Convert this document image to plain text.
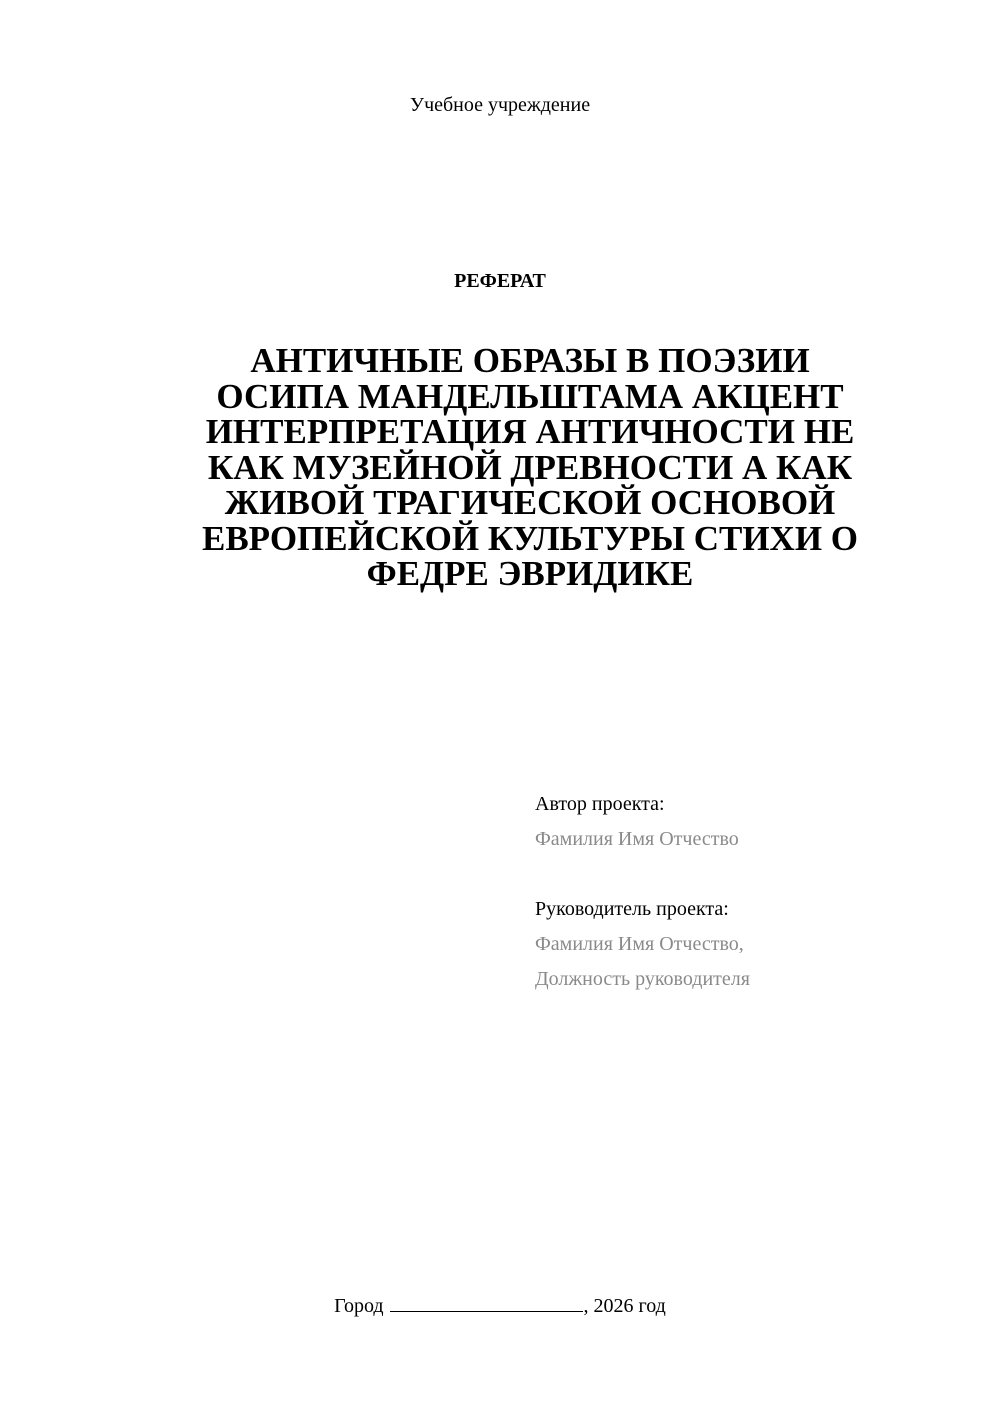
Учебное учреждение
РЕФЕРАТ
АНТИЧНЫЕ ОБРАЗЫ В ПОЭЗИИ
ОСИПА МАНДЕЛЬШТАМА АКЦЕНТ
ИНТЕРПРЕТАЦИЯ АНТИЧНОСТИ НЕ
КАК МУЗЕЙНОЙ ДРЕВНОСТИ А КАК
ЖИВОЙ ТРАГИЧЕСКОЙ ОСНОВОЙ
ЕВРОПЕЙСКОЙ КУЛЬТУРЫ СТИХИ О
ФЕДРЕ ЭВРИДИКЕ
Автор проекта:
Фамилия Имя Отчество
Руководитель проекта:
Фамилия Имя Отчество,
Должность руководителя
Город	, 2026 год
